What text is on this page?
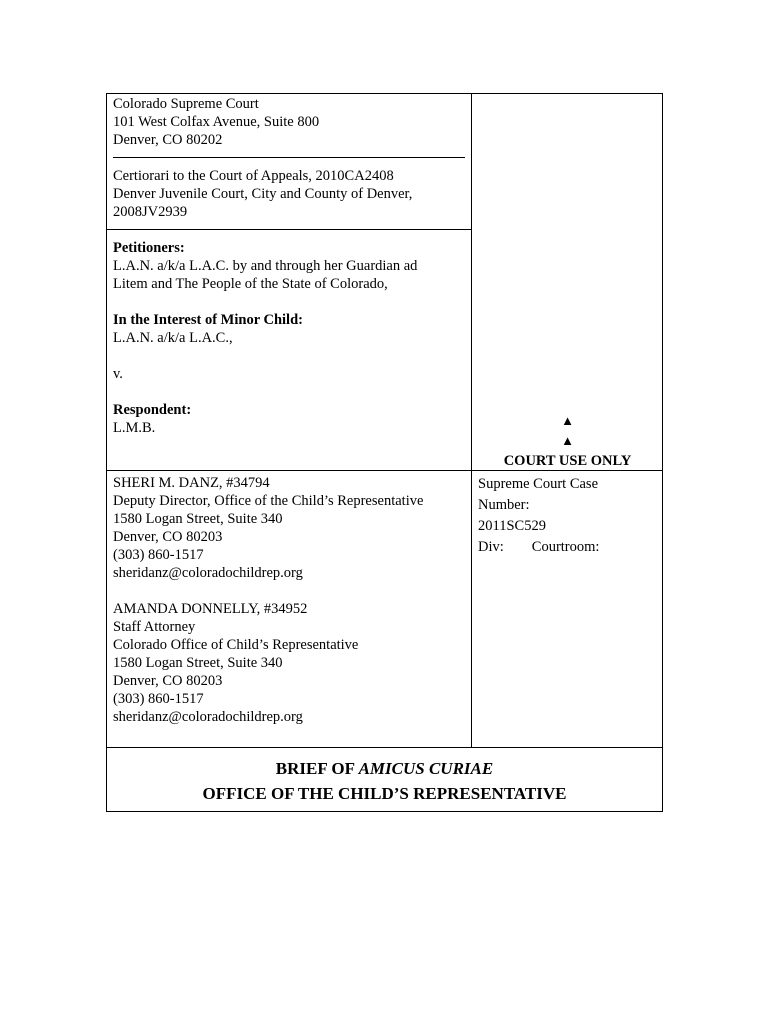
Colorado Supreme Court

101 West Colfax Avenue, Suite 800

Denver, CO 80202

Certiorari to the Court of Appeals, 2010CA2408

Denver Juvenile Court, City and County of Denver,

2008JV2939

Petitioners:

L.A.N. a/k/a L.A.C. by and through her Guardian ad

Litem and The People of the State of Colorado,

In the Interest of Minor Child:

L.A.N. a/k/a L.A.C.,

v.

Respondent:

L.M.B.	▲
▲
COURT USE ONLY

SHERI M. DANZ, #34794

Deputy Director, Office of the Child’s Representative

1580 Logan Street, Suite 340

Denver, CO 80203

(303) 860-1517

sheridanz@coloradochildrep.org

AMANDA DONNELLY, #34952

Staff Attorney

Colorado Office of Child’s Representative

1580 Logan Street, Suite 340

Denver, CO 80203

(303) 860-1517

sheridanz@coloradochildrep.org

Supreme Court Case

Number:

2011SC529

Div: Courtroom:

BRIEF OF AMICUS CURIAE

OFFICE OF THE CHILD’S REPRESENTATIVE
